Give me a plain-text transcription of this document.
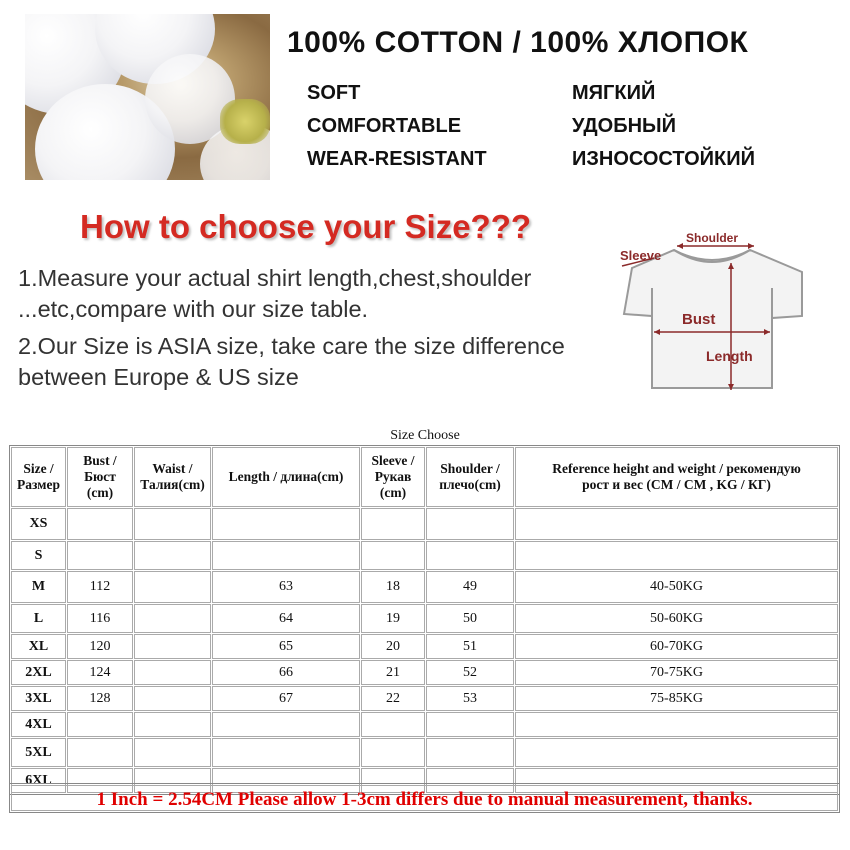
100% COTTON / 100% ХЛОПОК
SOFT
COMFORTABLE
WEAR-RESISTANT
МЯГКИЙ
УДОБНЫЙ
ИЗНОСОСТОЙКИЙ
How to choose your Size???
1.Measure your actual shirt length,chest,shoulder
...etc,compare with our size table.
2.Our Size is ASIA size, take care the size difference
between Europe & US size
Shoulder
Sleeve
Bust
Length
Size Choose
Size /
Размер	Bust /
Бюст
(cm)	Waist /
Талия(cm)	Length / длина(cm)	Sleeve /
Рукав
(cm)	Shoulder /
плечо(cm)	Reference height and weight / рекомендую
рост и вес (CM / CM , KG / КГ)
XS						
S						
M	112		63	18	49	40-50KG
L	116		64	19	50	50-60KG
XL	120		65	20	51	60-70KG
2XL	124		66	21	52	70-75KG
3XL	128		67	22	53	75-85KG
4XL						
5XL						
6XL						
1 Inch = 2.54CM Please allow 1-3cm differs due to manual measurement, thanks.
